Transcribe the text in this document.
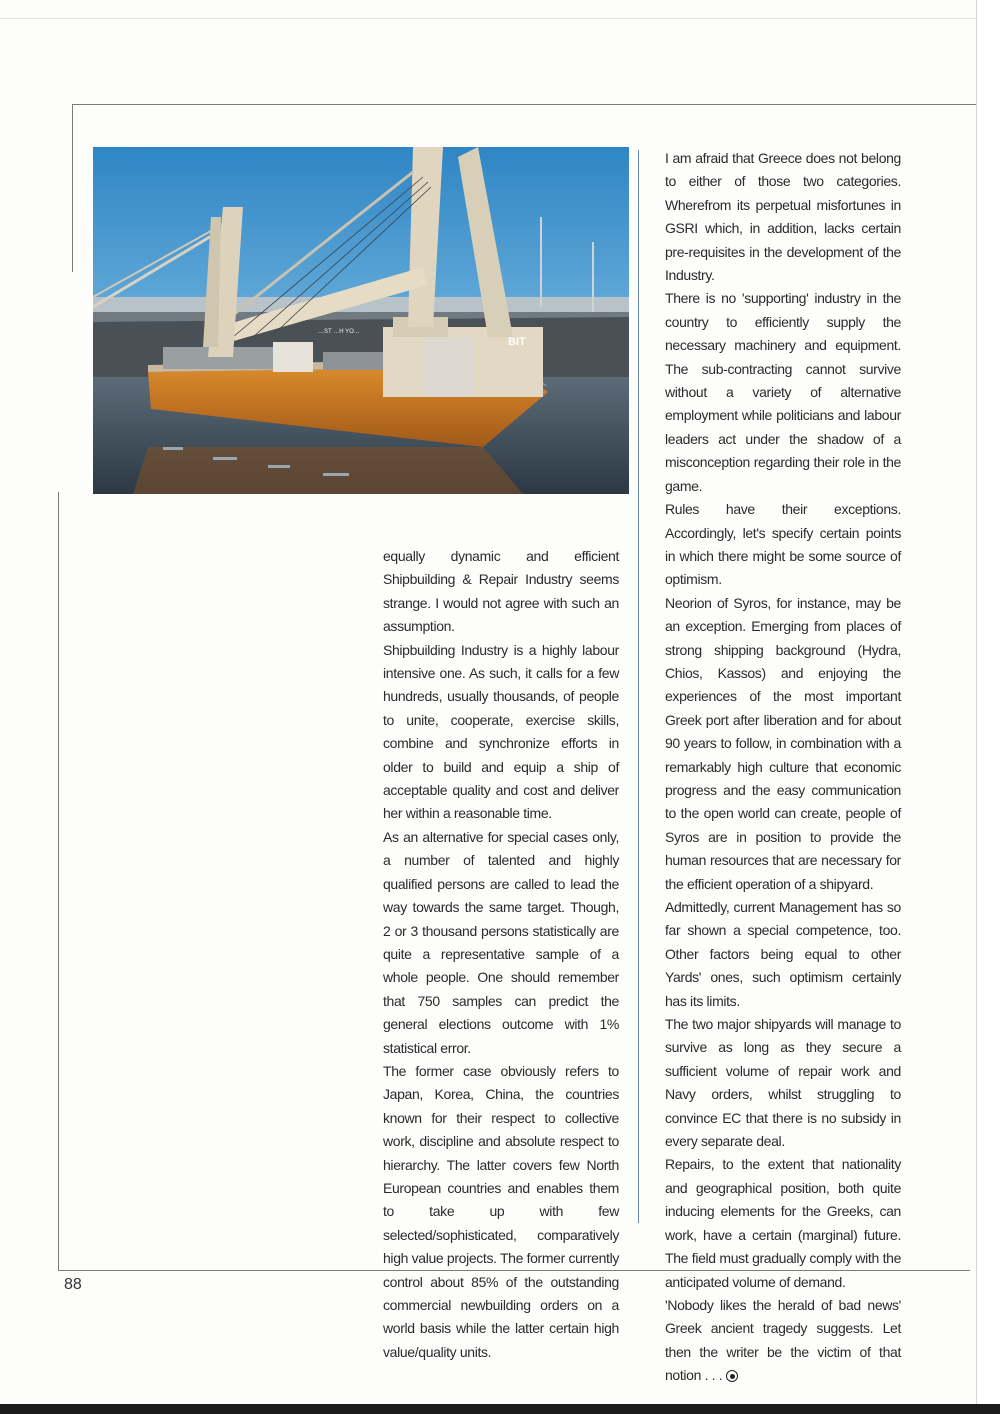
BIT
…ST …H YO…

equally dynamic and efficient Shipbuilding & Repair Industry seems strange. I would not agree with such an assumption.

Shipbuilding Industry is a highly labour intensive one. As such, it calls for a few hundreds, usually thousands, of people to unite, cooperate, exercise skills, combine and synchronize efforts in older to build and equip a ship of acceptable quality and cost and deliver her within a reasonable time.

As an alternative for special cases only, a number of talented and highly qualified persons are called to lead the way towards the same target. Though, 2 or 3 thousand persons statistically are quite a representative sample of a whole people. One should remember that 750 samples can predict the general elections outcome with 1% statistical error.

The former case obviously refers to Japan, Korea, China, the countries known for their respect to collective work, discipline and absolute respect to hierarchy. The latter covers few North European countries and enables them to take up with few selected/sophisticated, comparatively high value projects. The former currently control about 85% of the outstanding commercial newbuilding orders on a world basis while the latter certain high value/quality units.

I am afraid that Greece does not belong to either of those two categories. Wherefrom its perpetual misfortunes in GSRI which, in addition, lacks certain pre-requisites in the development of the Industry.

There is no 'supporting' industry in the country to efficiently supply the necessary machinery and equipment. The sub-contracting cannot survive without a variety of alternative employment while politicians and labour leaders act under the shadow of a misconception regarding their role in the game.

Rules have their exceptions. Accordingly, let's specify certain points in which there might be some source of optimism.

Neorion of Syros, for instance, may be an exception. Emerging from places of strong shipping background (Hydra, Chios, Kassos) and enjoying the experiences of the most important Greek port after liberation and for about 90 years to follow, in combination with a remarkably high culture that economic progress and the easy communication to the open world can create, people of Syros are in position to provide the human resources that are necessary for the efficient operation of a shipyard.

Admittedly, current Management has so far shown a special competence, too. Other factors being equal to other Yards' ones, such optimism certainly has its limits.

The two major shipyards will manage to survive as long as they secure a sufficient volume of repair work and Navy orders, whilst struggling to convince EC that there is no subsidy in every separate deal.

Repairs, to the extent that nationality and geographical position, both quite inducing elements for the Greeks, can work, have a certain (marginal) future. The field must gradually comply with the anticipated volume of demand.

'Nobody likes the herald of bad news' Greek ancient tragedy suggests. Let then the writer be the victim of that notion . . .

88
